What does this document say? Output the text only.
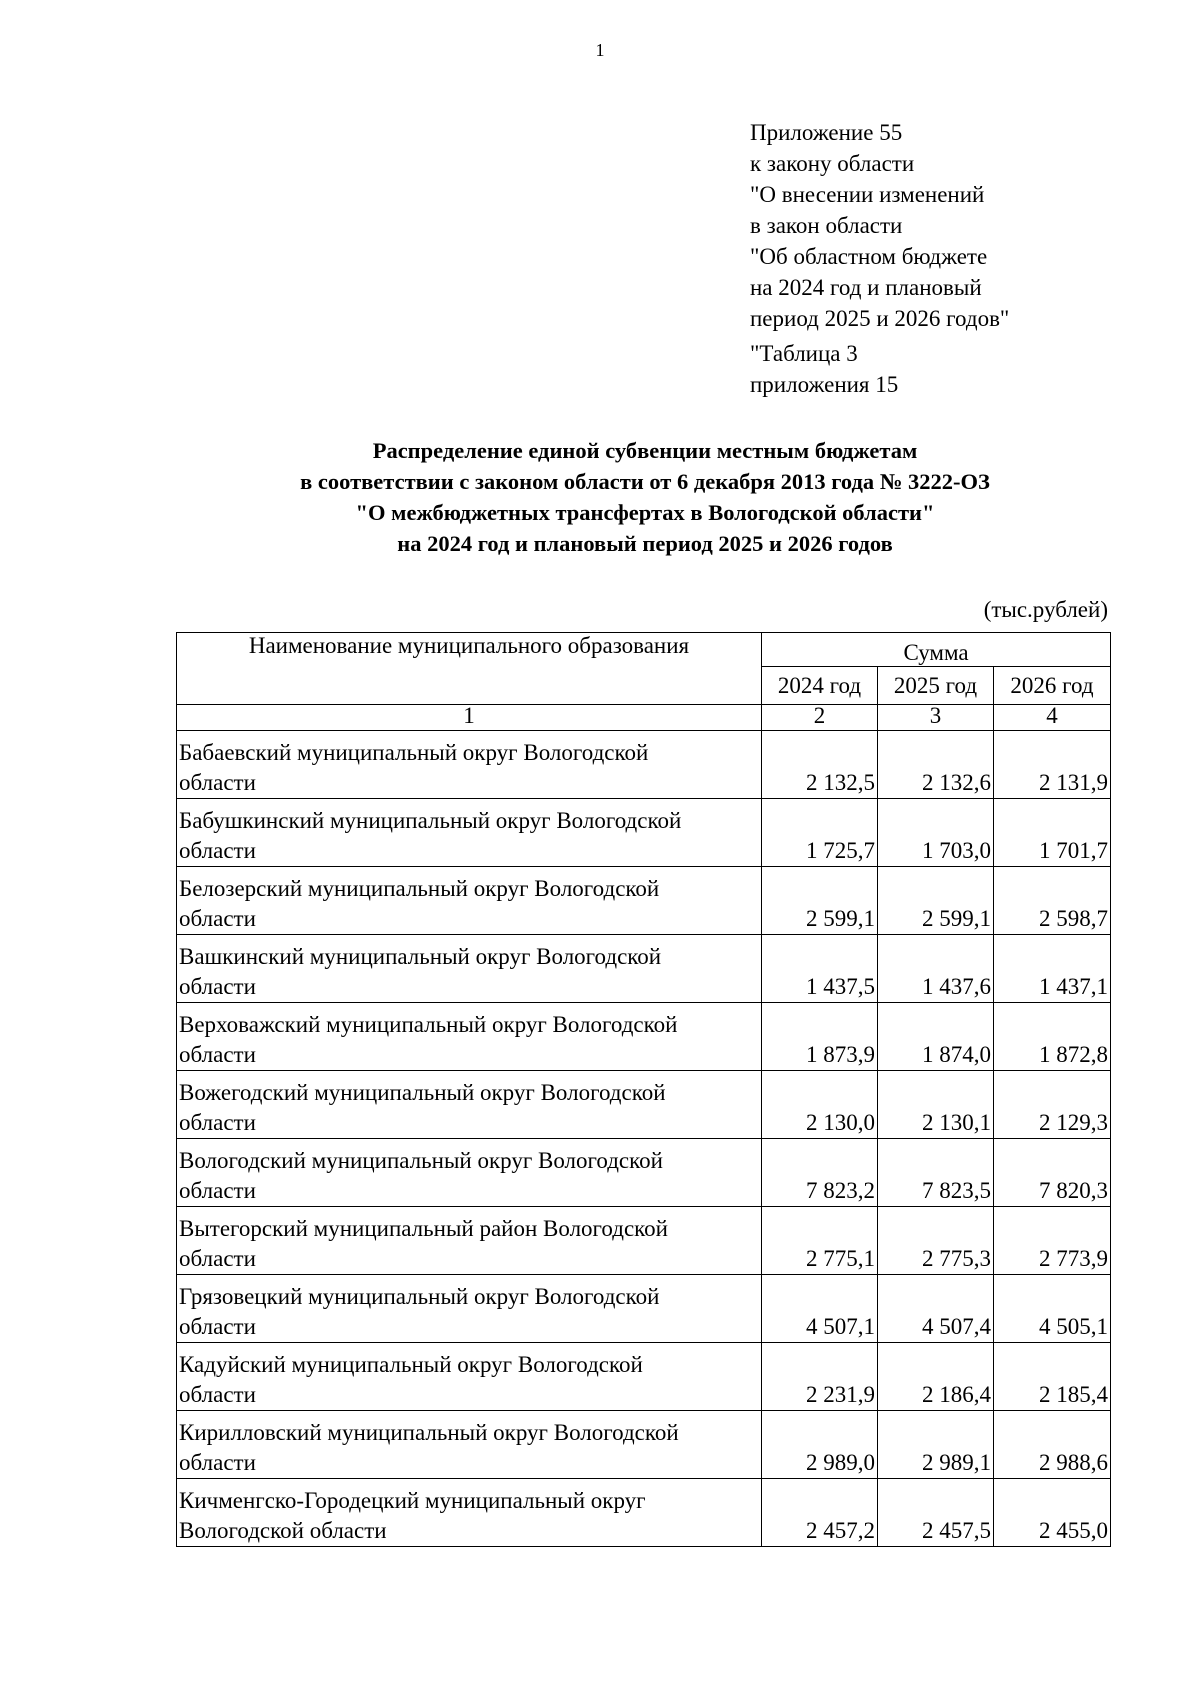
1
Приложение 55
к закону области
"О внесении изменений
в закон области
"Об областном бюджете
на 2024 год и плановый
период 2025 и 2026 годов"
"Таблица 3
приложения 15
Распределение единой субвенции местным бюджетам
в соответствии с законом области от 6 декабря 2013 года № 3222-ОЗ
"О межбюджетных трансфертах в Вологодской области"
на 2024 год и плановый период 2025 и 2026 годов
(тыс.рублей)
Наименование муниципального образования	Сумма		
	2024 год	2025 год	2026 год
1	2	3	4

Бабаевский муниципальный округ Вологодской
области	2 132,5	2 132,6	2 131,9

Бабушкинский муниципальный округ Вологодской
области	1 725,7	1 703,0	1 701,7

Белозерский муниципальный округ Вологодской
области	2 599,1	2 599,1	2 598,7

Вашкинский муниципальный округ Вологодской
области	1 437,5	1 437,6	1 437,1

Верховажский муниципальный округ Вологодской
области	1 873,9	1 874,0	1 872,8

Вожегодский муниципальный округ Вологодской
области	2 130,0	2 130,1	2 129,3

Вологодский муниципальный округ Вологодской
области	7 823,2	7 823,5	7 820,3

Вытегорский муниципальный район Вологодской
области	2 775,1	2 775,3	2 773,9

Грязовецкий муниципальный округ Вологодской
области	4 507,1	4 507,4	4 505,1

Кадуйский муниципальный округ Вологодской
области	2 231,9	2 186,4	2 185,4

Кирилловский муниципальный округ Вологодской
области	2 989,0	2 989,1	2 988,6

Кичменгско-Городецкий муниципальный округ
Вологодской области	2 457,2	2 457,5	2 455,0
